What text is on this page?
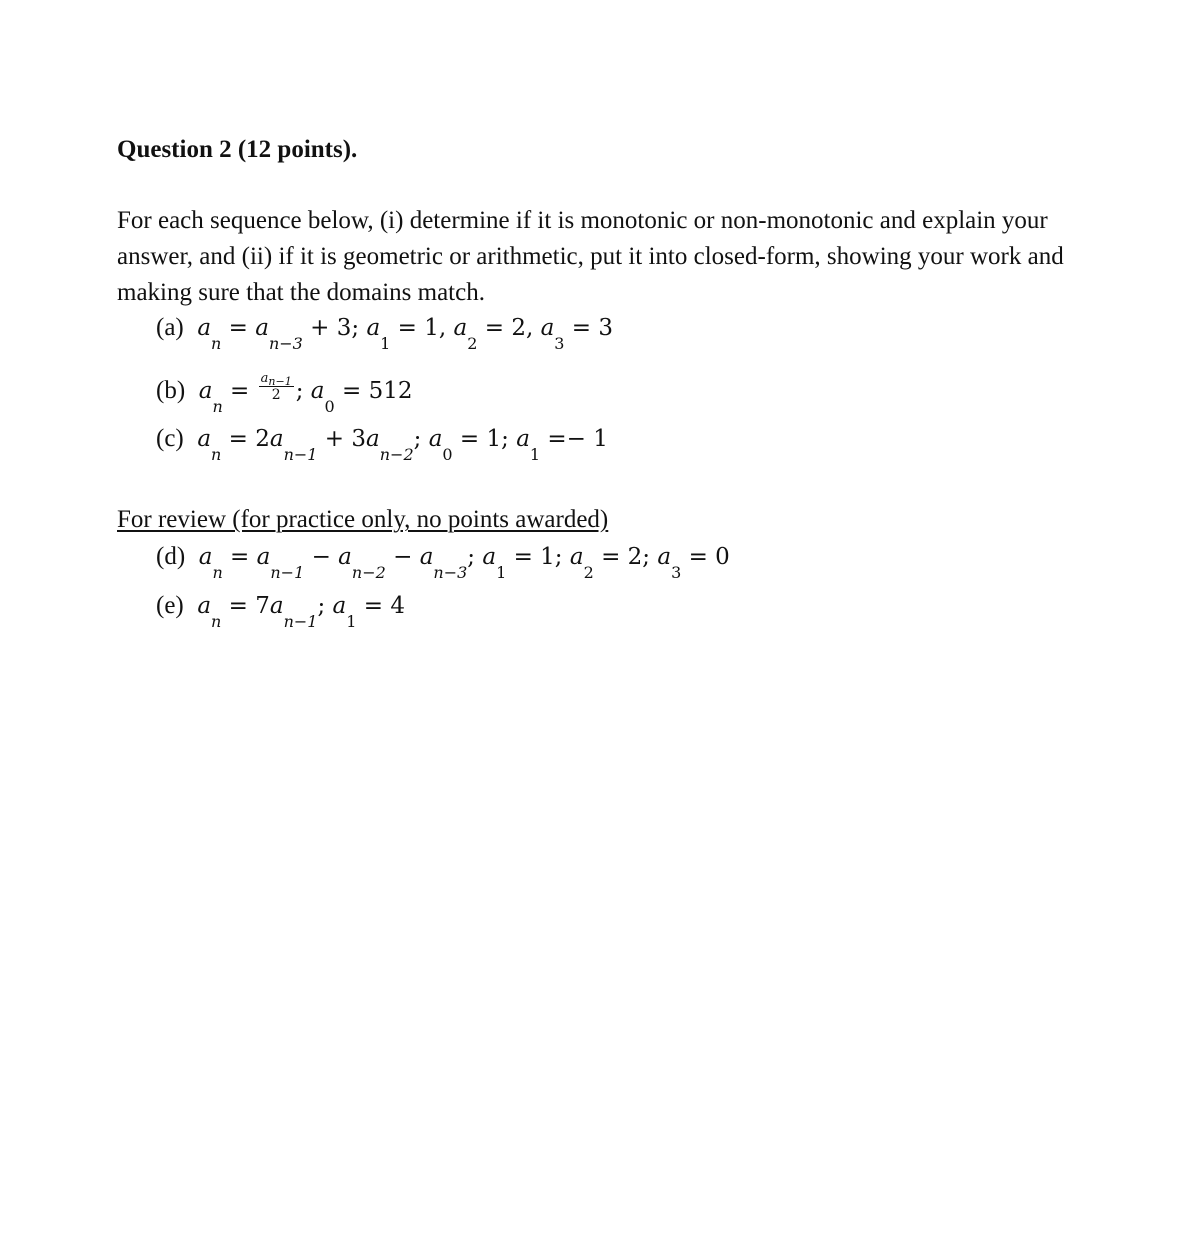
Question 2 (12 points).
For each sequence below, (i) determine if it is monotonic or non-monotonic and explain your
answer, and (ii) if it is geometric or arithmetic, put it into closed-form, showing your work and
making sure that the domains match.
(a) $a_n = a_{n-3} + 3$; $a_1 = 1$, $a_2 = 2$, $a_3 = 3$
(b) $a_n = \frac{a_{n-1}}{2}$ ; $a_0 = 512$
(c) $a_n = 2a_{n-1} + 3a_{n-2}$; $a_0 = 1$; $a_1 =- 1$
For review (for practice only, no points awarded)
(d) $a_n = a_{n-1} - a_{n-2} - a_{n-3}$; $a_1 = 1$; $a_2 = 2$; $a_3 = 0$
(e) $a_n = 7a_{n-1}$; $a_1 = 4$
